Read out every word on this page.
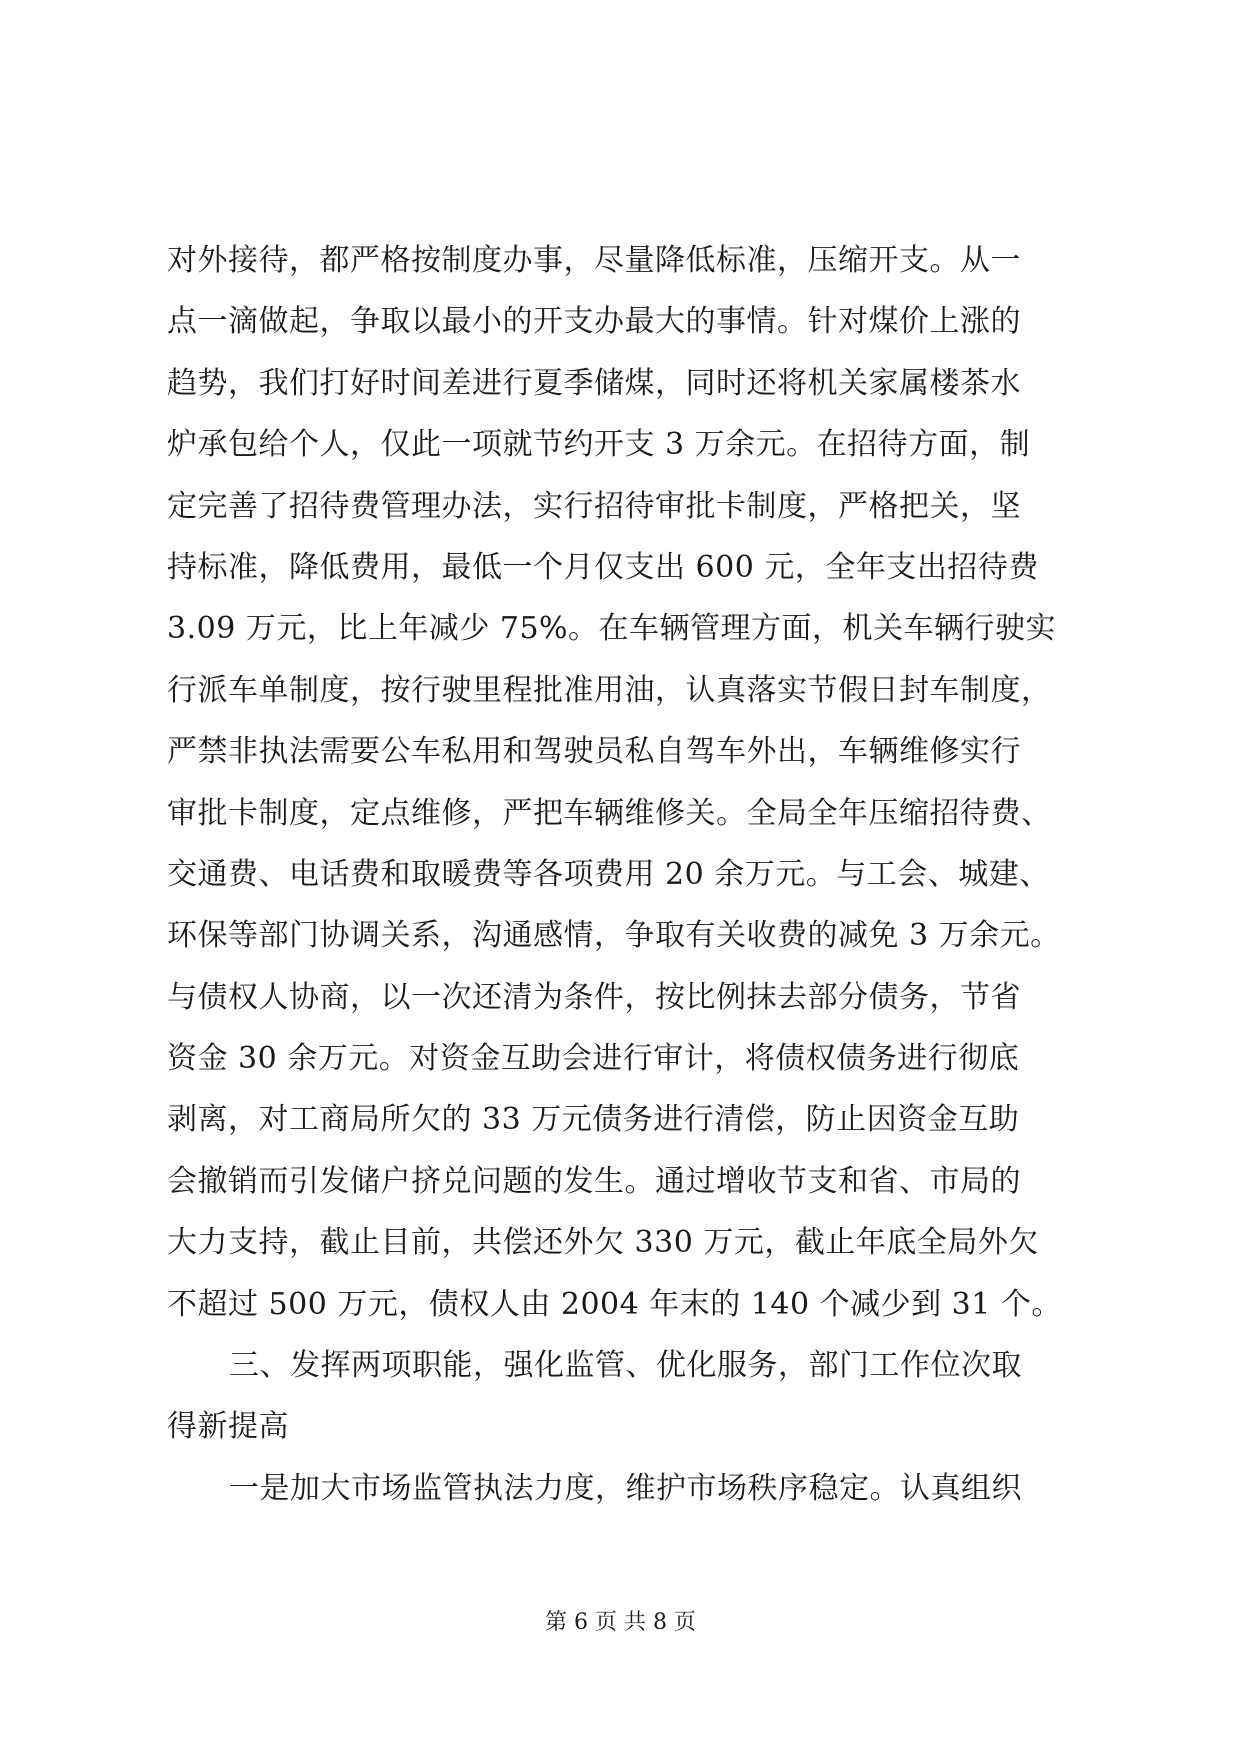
对外接待，都严格按制度办事，尽量降低标准，压缩开支。从一
点一滴做起，争取以最小的开支办最大的事情。针对煤价上涨的
趋势，我们打好时间差进行夏季储煤，同时还将机关家属楼茶水
炉承包给个人，仅此一项就节约开支 3 万余元。在招待方面，制
定完善了招待费管理办法，实行招待审批卡制度，严格把关，坚
持标准，降低费用，最低一个月仅支出 600 元，全年支出招待费
3.09 万元，比上年减少 75%。在车辆管理方面，机关车辆行驶实
行派车单制度，按行驶里程批准用油，认真落实节假日封车制度，
严禁非执法需要公车私用和驾驶员私自驾车外出，车辆维修实行
审批卡制度，定点维修，严把车辆维修关。全局全年压缩招待费、
交通费、电话费和取暖费等各项费用 20 余万元。与工会、城建、
环保等部门协调关系，沟通感情，争取有关收费的减免 3 万余元。
与债权人协商，以一次还清为条件，按比例抹去部分债务，节省
资金 30 余万元。对资金互助会进行审计，将债权债务进行彻底
剥离，对工商局所欠的 33 万元债务进行清偿，防止因资金互助
会撤销而引发储户挤兑问题的发生。通过增收节支和省、市局的
大力支持，截止目前，共偿还外欠 330 万元，截止年底全局外欠
不超过 500 万元，债权人由 2004 年末的 140 个减少到 31 个。
三、发挥两项职能，强化监管、优化服务，部门工作位次取
得新提高
一是加大市场监管执法力度，维护市场秩序稳定。认真组织
第 6 页 共 8 页
